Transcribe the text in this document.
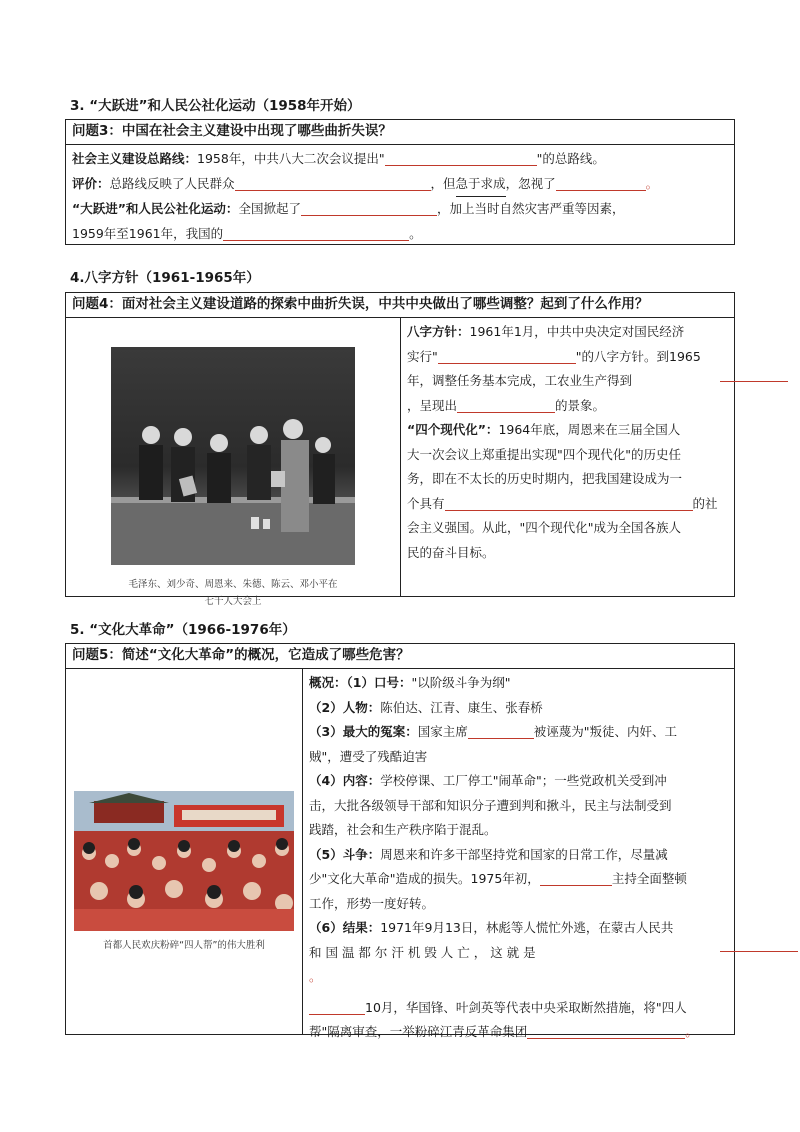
3. “大跃进”和人民公社化运动（1958年开始）
问题3：中国在社会主义建设中出现了哪些曲折失误？
社会主义建设总路线：1958年，中共八大二次会议提出"	"的总路线。
评价：总路线反映了人民群众	，但急于求成，忽视了	。
“大跃进”和人民公社化运动：全国掀起了	，加上当时自然灾害严重等因素，
1959年至1961年，我国的	。
4.八字方针（1961-1965年）
问题4：面对社会主义建设道路的探索中曲折失误，中共中央做出了哪些调整？起到了什么作用？
毛泽东、刘少奇、周恩来、朱德、陈云、邓小平在
七千人大会上
八字方针：1961年1月，中共中央决定对国民经济
实行"	"的八字方针。到1965
年，调整任务基本完成，工农业生产得到
，呈现出	的景象。
“四个现代化”：1964年底，周恩来在三届全国人
大一次会议上郑重提出实现"四个现代化"的历史任
务，即在不太长的历史时期内，把我国建设成为一
个具有	的社
会主义强国。从此，"四个现代化"成为全国各族人
民的奋斗目标。
5. “文化大革命”（1966-1976年）
问题5：简述“文化大革命”的概况，它造成了哪些危害？
首都人民欢庆粉碎“四人帮”的伟大胜利
概况：（1）口号："以阶级斗争为纲"
（2）人物：陈伯达、江青、康生、张春桥
（3）最大的冤案：国家主席	被诬蔑为"叛徒、内奸、工
贼"，遭受了残酷迫害
（4）内容：学校停课、工厂停工"闹革命"；一些党政机关受到冲
击，大批各级领导干部和知识分子遭到判和揪斗，民主与法制受到
践踏，社会和生产秩序陷于混乱。
（5）斗争：周恩来和许多干部坚持党和国家的日常工作，尽量减
少"文化大革命"造成的损失。1975年初，	主持全面整顿
工作，形势一度好转。
（6）结果：1971年9月13日，林彪等人慌忙外逃，在蒙古人民共
和 国 温 都 尔 汗 机 毁 人 亡 ， 这 就 是
。
10月，华国锋、叶剑英等代表中央采取断然措施，将"四人
帮"隔离审查，一举粉碎江青反革命集团	。
